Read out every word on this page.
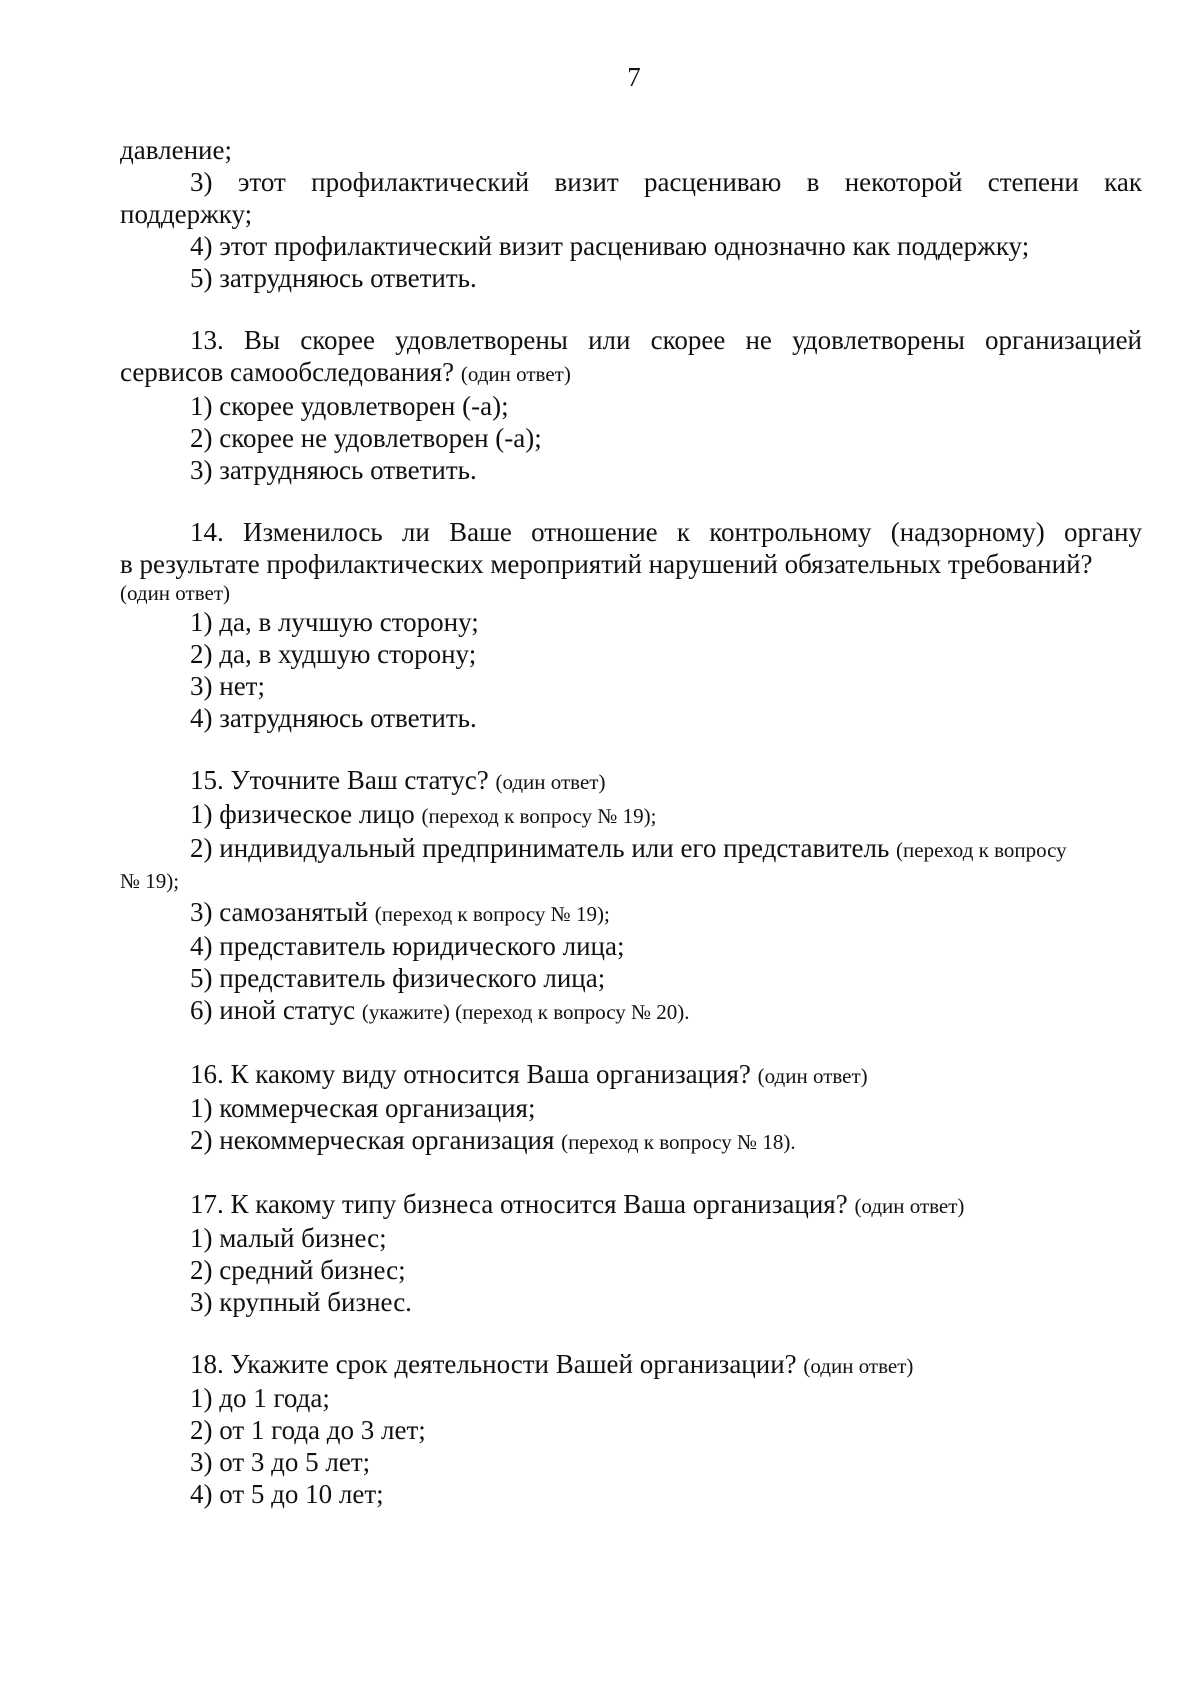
7
давление;
3) этот профилактический визит расцениваю в некоторой степени как
поддержку;
4) этот профилактический визит расцениваю однозначно как поддержку;
5) затрудняюсь ответить.
13. Вы скорее удовлетворены или скорее не удовлетворены организацией
сервисов самообследования? (один ответ)
1) скорее удовлетворен (-а);
2) скорее не удовлетворен (-а);
3) затрудняюсь ответить.
14. Изменилось ли Ваше отношение к контрольному (надзорному) органу
в результате профилактических мероприятий нарушений обязательных требований?
(один ответ)
1) да, в лучшую сторону;
2) да, в худшую сторону;
3) нет;
4) затрудняюсь ответить.
15. Уточните Ваш статус? (один ответ)
1) физическое лицо (переход к вопросу № 19);
2) индивидуальный предприниматель или его представитель (переход к вопросу
№ 19);
3) самозанятый (переход к вопросу № 19);
4) представитель юридического лица;
5) представитель физического лица;
6) иной статус (укажите) (переход к вопросу № 20).
16. К какому виду относится Ваша организация? (один ответ)
1) коммерческая организация;
2) некоммерческая организация (переход к вопросу № 18).
17. К какому типу бизнеса относится Ваша организация? (один ответ)
1) малый бизнес;
2) средний бизнес;
3) крупный бизнес.
18. Укажите срок деятельности Вашей организации? (один ответ)
1) до 1 года;
2) от 1 года до 3 лет;
3) от 3 до 5 лет;
4) от 5 до 10 лет;
